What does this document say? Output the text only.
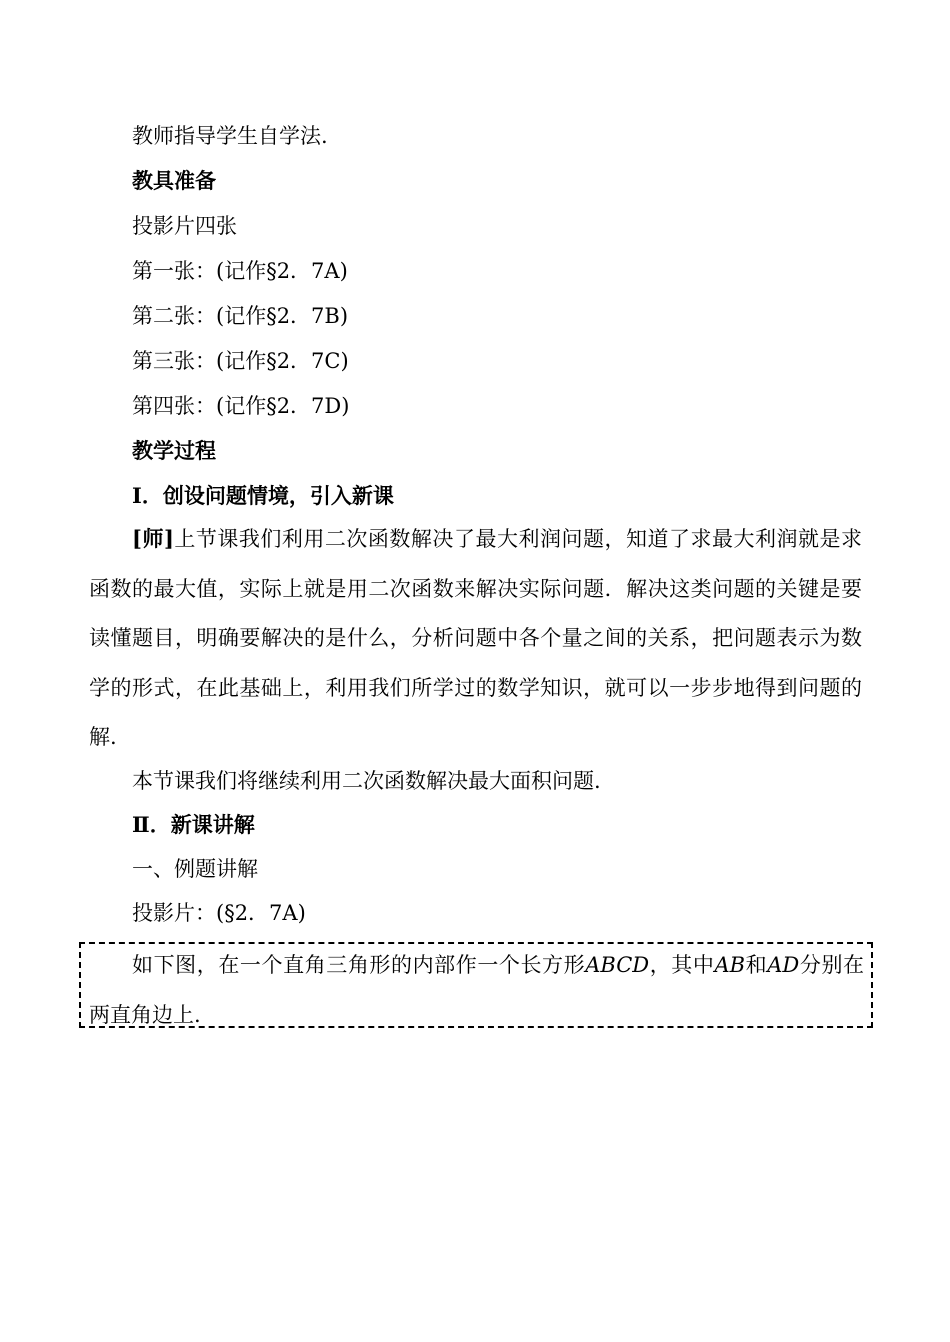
教师指导学生自学法.
教具准备
投影片四张
第一张：(记作§2．7A)
第二张：(记作§2．7B)
第三张：(记作§2．7C)
第四张：(记作§2．7D)
教学过程
Ⅰ．创设问题情境，引入新课
[师]上节课我们利用二次函数解决了最大利润问题，知道了求最大利润就是求函数的最大值，实际上就是用二次函数来解决实际问题．解决这类问题的关键是要读懂题目，明确要解决的是什么，分析问题中各个量之间的关系，把问题表示为数学的形式，在此基础上，利用我们所学过的数学知识，就可以一步步地得到问题的解.
本节课我们将继续利用二次函数解决最大面积问题.
Ⅱ．新课讲解
一、例题讲解
投影片：(§2．7A)
如下图，在一个直角三角形的内部作一个长方形ABCD，其中AB和AD分别在两直角边上.
